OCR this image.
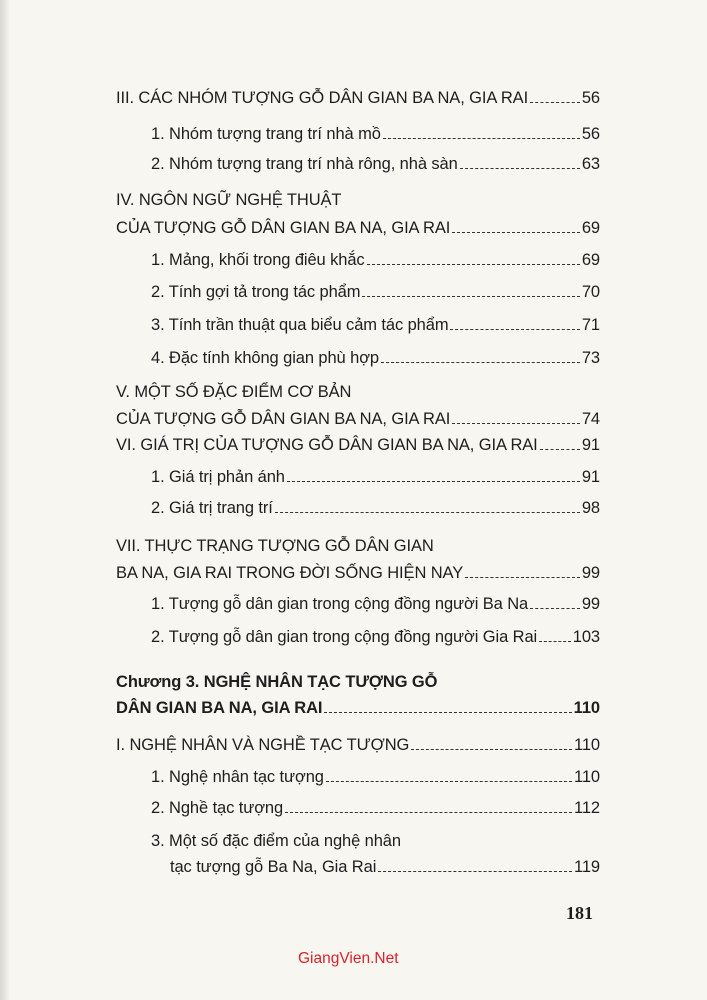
III. CÁC NHÓM TƯỢNG GỖ DÂN GIAN BA NA, GIA RAI	56
1. Nhóm tượng trang trí nhà mồ	56
2. Nhóm tượng trang trí nhà rông, nhà sàn	63
IV. NGÔN NGỮ NGHỆ THUẬT
CỦA TƯỢNG GỖ DÂN GIAN BA NA, GIA RAI	69
1. Mảng, khối trong điêu khắc	69
2. Tính gợi tả trong tác phẩm	70
3. Tính trần thuật qua biểu cảm tác phẩm	71
4. Đặc tính không gian phù hợp	73
V. MỘT SỐ ĐẶC ĐIỂM CƠ BẢN
CỦA TƯỢNG GỖ DÂN GIAN BA NA, GIA RAI	74
VI. GIÁ TRỊ CỦA TƯỢNG GỖ DÂN GIAN BA NA, GIA RAI	91
1. Giá trị phản ánh	91
2. Giá trị trang trí	98
VII. THỰC TRẠNG TƯỢNG GỖ DÂN GIAN
BA NA, GIA RAI TRONG ĐỜI SỐNG HIỆN NAY	99
1. Tượng gỗ dân gian trong cộng đồng người Ba Na	99
2. Tượng gỗ dân gian trong cộng đồng người Gia Rai 103
Chương 3. NGHỆ NHÂN TẠC TƯỢNG GỖ
DÂN GIAN BA NA, GIA RAI	110
I. NGHỆ NHÂN VÀ NGHỀ TẠC TƯỢNG	110
1. Nghệ nhân tạc tượng	110
2. Nghề tạc tượng	112
3. Một số đặc điểm của nghệ nhân
tạc tượng gỗ Ba Na, Gia Rai	119
181
GiangVien.Net
